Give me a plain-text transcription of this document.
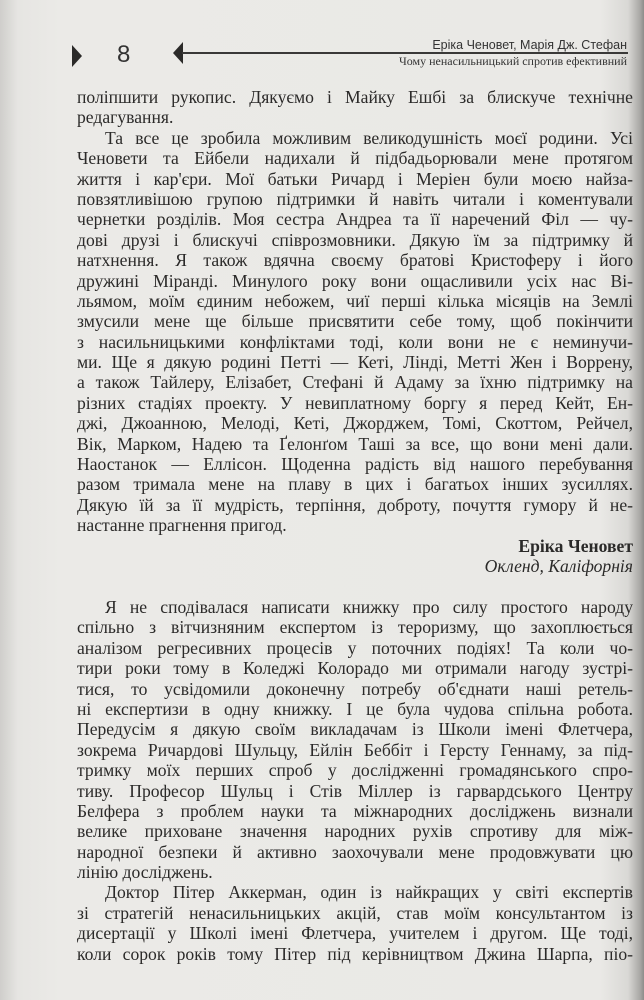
8	Еріка Ченовет, Марія Дж. Стефан
Чому ненасильницький спротив ефективний
поліпшити рукопис. Дякуємо і Майку Ешбі за блискуче технічне
редагування.
Та все це зробила можливим великодушність моєї родини. Усі
Ченовети та Ейбели надихали й підбадьорювали мене протягом
життя і кар'єри. Мої батьки Ричард і Меріен були моєю найза-
повзятливішою групою підтримки й навіть читали і коментували
чернетки розділів. Моя сестра Андреа та її наречений Філ — чу-
дові друзі і блискучі співрозмовники. Дякую їм за підтримку й
натхнення. Я також вдячна своєму братові Кристоферу і його
дружині Міранді. Минулого року вони ощасливили усіх нас Ві-
льямом, моїм єдиним небожем, чиї перші кілька місяців на Землі
змусили мене ще більше присвятити себе тому, щоб покінчити
з насильницькими конфліктами тоді, коли вони не є неминучи-
ми. Ще я дякую родині Петті — Кеті, Лінді, Метті Жен і Воррену,
а також Тайлеру, Елізабет, Стефані й Адаму за їхню підтримку на
різних стадіях проекту. У невиплатному боргу я перед Кейт, Ен-
джі, Джоанною, Мелоді, Кеті, Джорджем, Томі, Скоттом, Рейчел,
Вік, Марком, Надею та Ґелонґом Таші за все, що вони мені дали.
Наостанок — Еллісон. Щоденна радість від нашого перебування
разом тримала мене на плаву в цих і багатьох інших зусиллях.
Дякую їй за її мудрість, терпіння, доброту, почуття гумору й не-
настанне прагнення пригод.
Еріка Ченовет
Окленд, Каліфорнія
Я не сподівалася написати книжку про силу простого народу
спільно з вітчизняним експертом із тероризму, що захоплюється
аналізом регресивних процесів у поточних подіях! Та коли чо-
тири роки тому в Коледжі Колорадо ми отримали нагоду зустрі-
тися, то усвідомили доконечну потребу об'єднати наші ретель-
ні експертизи в одну книжку. І це була чудова спільна робота.
Передусім я дякую своїм викладачам із Школи імені Флетчера,
зокрема Ричардові Шульцу, Ейлін Беббіт і Герсту Геннаму, за під-
тримку моїх перших спроб у дослідженні громадянського спро-
тиву. Професор Шульц і Стів Міллер із гарвардського Центру
Белфера з проблем науки та міжнародних досліджень визнали
велике приховане значення народних рухів спротиву для між-
народної безпеки й активно заохочували мене продовжувати цю
лінію досліджень.
Доктор Пітер Аккерман, один із найкращих у світі експертів
зі стратегій ненасильницьких акцій, став моїм консультантом із
дисертації у Школі імені Флетчера, учителем і другом. Ще тоді,
коли сорок років тому Пітер під керівництвом Джина Шарпа, піо-
